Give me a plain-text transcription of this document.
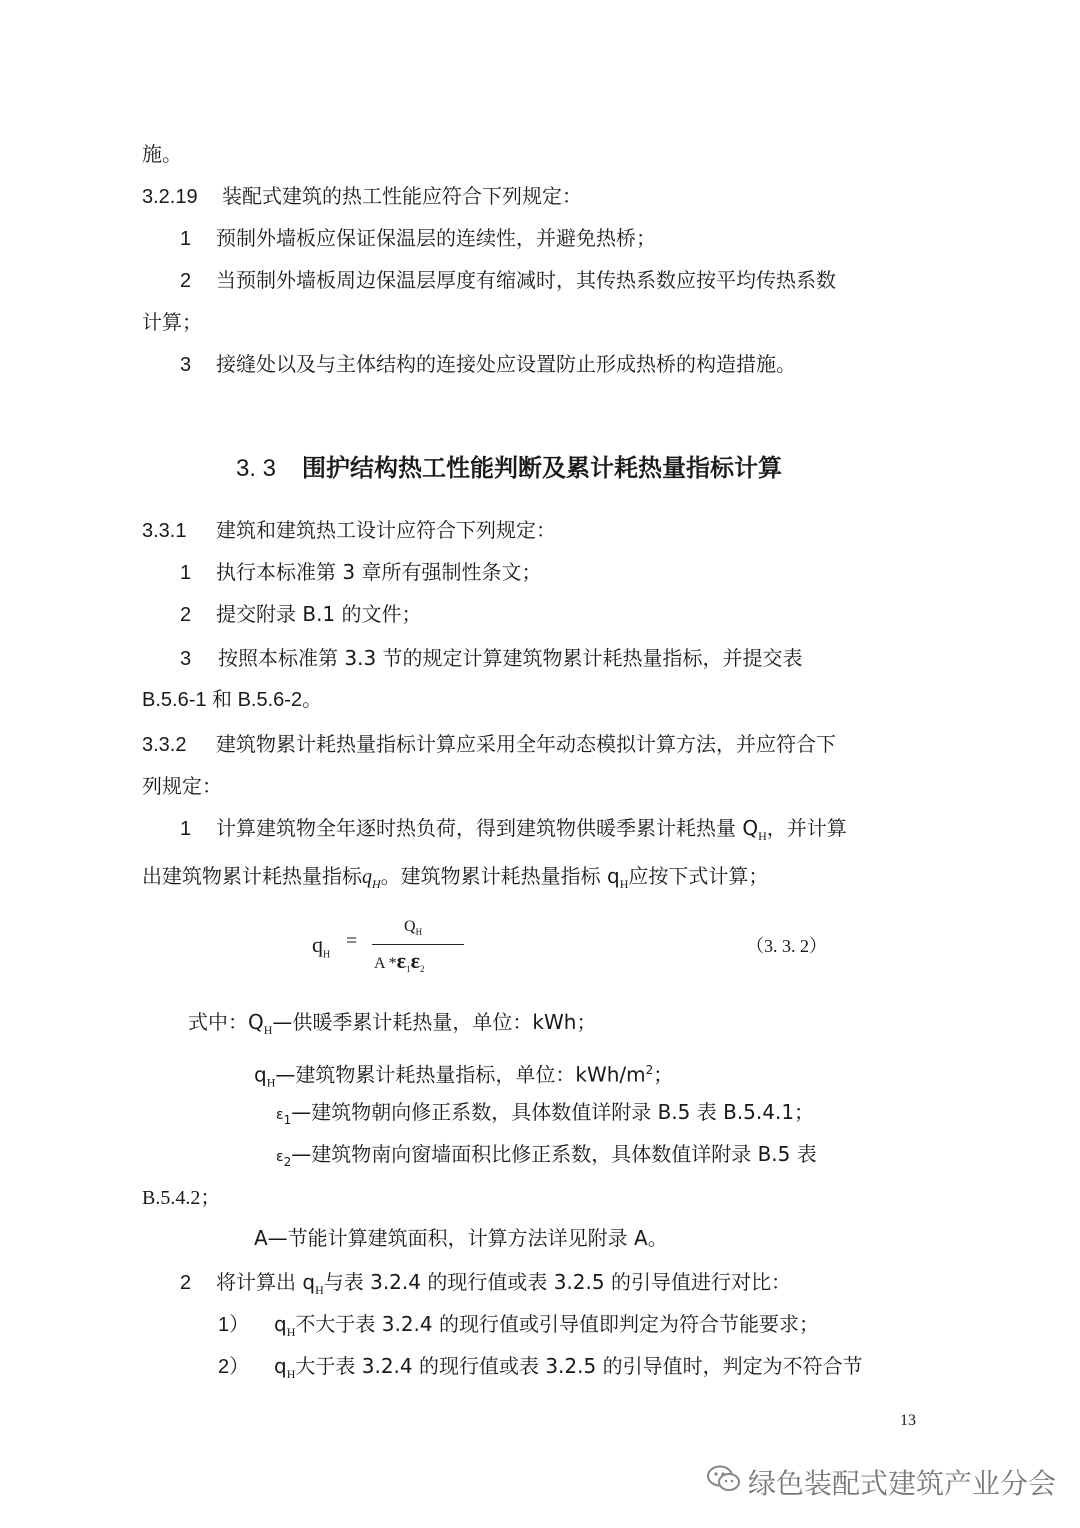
施。
3.2.19 装配式建筑的热工性能应符合下列规定：
1 预制外墙板应保证保温层的连续性，并避免热桥；
2 当预制外墙板周边保温层厚度有缩减时，其传热系数应按平均传热系数
计算；
3 接缝处以及与主体结构的连接处应设置防止形成热桥的构造措施。
3. 3 围护结构热工性能判断及累计耗热量指标计算
3.3.1 建筑和建筑热工设计应符合下列规定：
1 执行本标准第 3 章所有强制性条文；
2 提交附录 B.1 的文件；
3 按照本标准第 3.3 节的规定计算建筑物累计耗热量指标，并提交表
B.5.6-1 和 B.5.6-2。
3.3.2 建筑物累计耗热量指标计算应采用全年动态模拟计算方法，并应符合下
列规定：
1 计算建筑物全年逐时热负荷，得到建筑物供暖季累计耗热量 $Q_H$，并计算
出建筑物累计耗热量指标$q_H$。建筑物累计耗热量指标 $q_H$应按下式计算；
$q_H$
=
$Q_H$
A $*\varepsilon_1\varepsilon_2$
（3. 3. 2）
式中：$Q_H—$供暖季累计耗热量，单位：kWh；
$q_H—$建筑物累计耗热量指标，单位：kWh/$m^2$；
$\varepsilon_1—$建筑物朝向修正系数，具体数值详附录 B.5 表 B.5.4.1；
$\varepsilon_2—$建筑物南向窗墙面积比修正系数，具体数值详附录 B.5 表
B.5.4.2；
A—节能计算建筑面积，计算方法详见附录 A。
2 将计算出 $q_H$与表 3.2.4 的现行值或表 3.2.5 的引导值进行对比：
1） $q_H$不大于表 3.2.4 的现行值或引导值即判定为符合节能要求；
2） $q_H$大于表 3.2.4 的现行值或表 3.2.5 的引导值时，判定为不符合节
13
绿色装配式建筑产业分会
